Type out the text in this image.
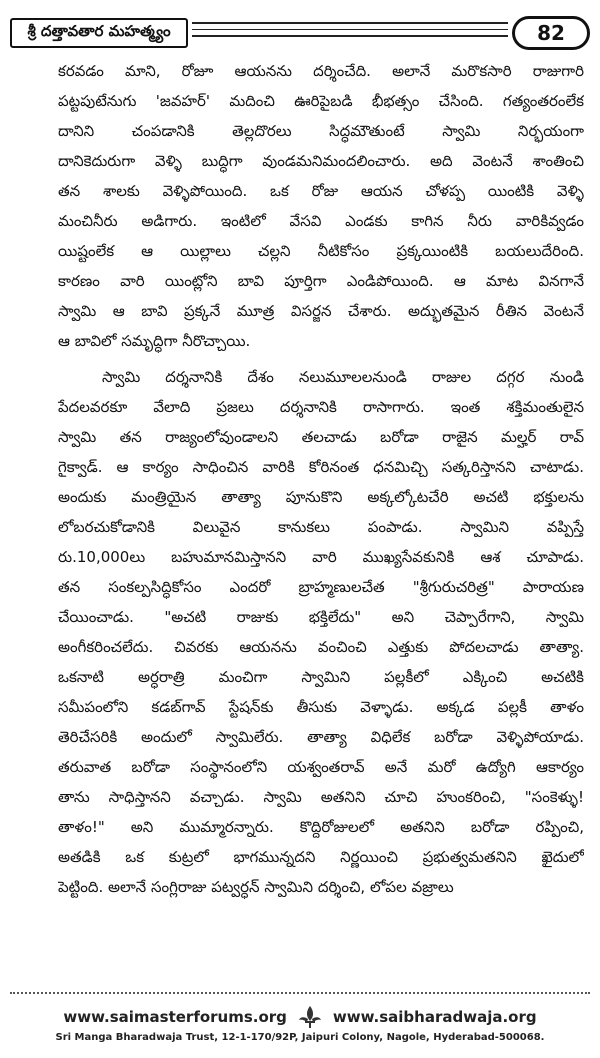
శ్రీ దత్తావతార మహత్మ్యం	82
కరవడం మాని, రోజూ ఆయనను దర్శించేది. అలానే మరొకసారి రాజుగారి
పట్టపుటేనుగు 'జవహర్' మదించి ఊరిపైబడి భీభత్సం చేసింది. గత్యంతరంలేక
దానిని చంపడానికి తెల్లదొరలు సిద్ధమౌతుంటే స్వామి నిర్భయంగా
దానికెదురుగా వెళ్ళి బుద్ధిగా వుండమనిమందలించారు. అది వెంటనే శాంతించి
తన శాలకు వెళ్ళిపోయింది. ఒక రోజు ఆయన చోళప్ప యింటికి వెళ్ళి
మంచినీరు అడిగారు. ఇంటిలో వేసవి ఎండకు కాగిన నీరు వారికివ్వడం
యిష్టంలేక ఆ యిల్లాలు చల్లని నీటికోసం ప్రక్కయింటికి బయలుదేరింది.
కారణం వారి యింట్లోని బావి పూర్తిగా ఎండిపోయింది. ఆ మాట వినగానే
స్వామి ఆ బావి ప్రక్కనే మూత్ర విసర్జన చేశారు. అద్భుతమైన రీతిన వెంటనే
ఆ బావిలో సమృద్ధిగా నీరొచ్చాయి.
స్వామి దర్శనానికి దేశం నలుమూలలనుండి రాజుల దగ్గర నుండి
పేదలవరకూ వేలాది ప్రజలు దర్శనానికి రాసాగారు. ఇంత శక్తిమంతులైన
స్వామి తన రాజ్యంలోవుండాలని తలచాడు బరోడా రాజైన మల్హర్ రావ్
గైక్వాడ్. ఆ కార్యం సాధించిన వారికి కోరినంత ధనమిచ్చి సత్కరిస్తానని చాటాడు.
అందుకు మంత్రియైన తాత్యా పూనుకొని అక్కల్కోటచేరి అచటి భక్తులను
లోబరచుకోడానికి విలువైన కానుకలు పంపాడు. స్వామిని వప్పిస్తే
రు.10,000లు బహుమానమిస్తానని వారి ముఖ్యసేవకునికి ఆశ చూపాడు.
తన సంకల్పసిద్ధికోసం ఎందరో బ్రాహ్మణులచేత "శ్రీగురుచరిత్ర" పారాయణ
చేయించాడు. "అచటి రాజుకు భక్తిలేదు" అని చెప్పారేగాని, స్వామి
అంగీకరించలేదు. చివరకు ఆయనను వంచించి ఎత్తుకు పోదలచాడు తాత్యా.
ఒకనాటి అర్ధరాత్రి మంచిగా స్వామిని పల్లకీలో ఎక్కించి అచటికి
సమీపంలోని కడబ్‌గావ్ స్టేషన్‌కు తీసుకు వెళ్ళాడు. అక్కడ పల్లకీ తాళం
తెరిచేసరికి అందులో స్వామిలేరు. తాత్యా విధిలేక బరోడా వెళ్ళిపోయాడు.
తరువాత బరోడా సంస్థానంలోని యశ్వంతరావ్ అనే మరో ఉద్యోగి ఆకార్యం
తాను సాధిస్తానని వచ్చాడు. స్వామి అతనిని చూచి హుంకరించి, "సంకెళ్ళు!
తాళం!" అని ముమ్మారన్నారు. కొద్దిరోజులలో అతనిని బరోడా రప్పించి,
అతడికి ఒక కుట్రలో భాగమున్నదని నిర్ణయించి ప్రభుత్వమతనిని ఖైదులో
పెట్టింది. అలానే సంగ్లిరాజు పట్వర్ధన్ స్వామిని దర్శించి, లోపల వజ్రాలు
www.saimasterforums.org	www.saibharadwaja.org
Sri Manga Bharadwaja Trust, 12-1-170/92P, Jaipuri Colony, Nagole, Hyderabad-500068.
